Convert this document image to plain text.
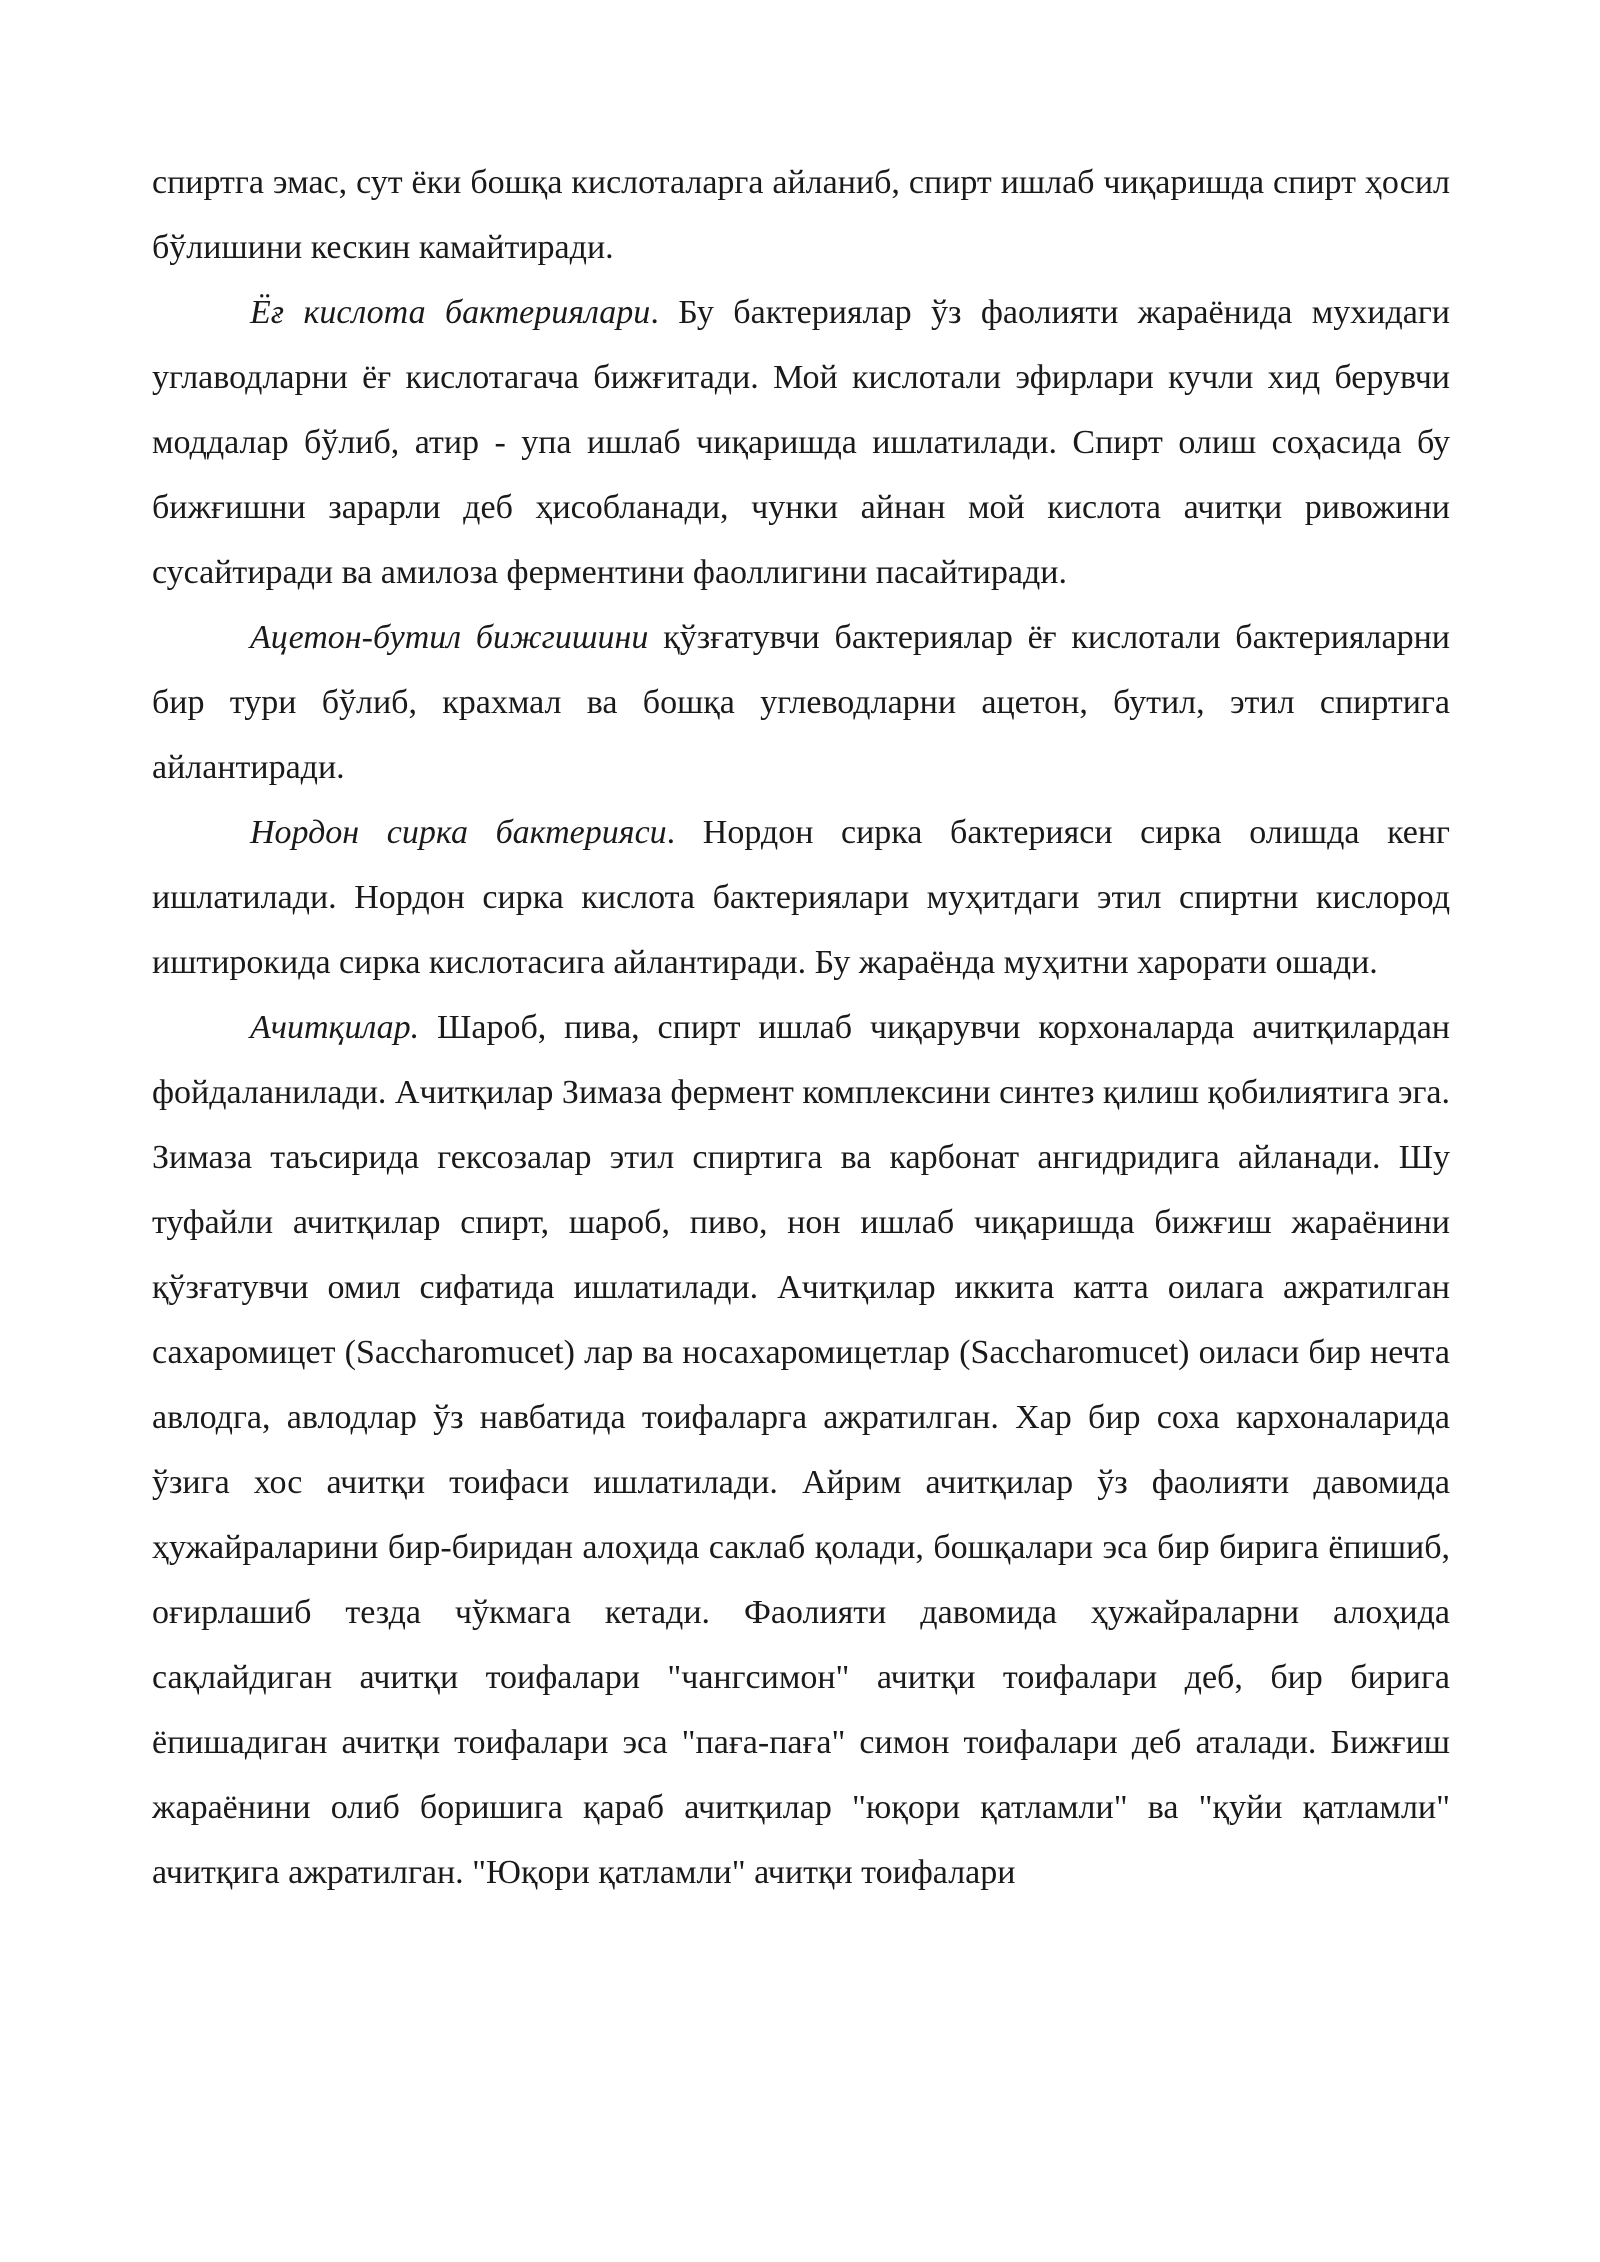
спиртга эмас, сут ёки бошқа кислоталарга айланиб, спирт ишлаб чиқаришда спирт ҳосил бўлишини кескин камайтиради.

Ёғ кислота бактериялари. Бу бактериялар ўз фаолияти жараёнида мухидаги углаводларни ёғ кислотагача бижғитади. Мой кислотали эфирлари кучли хид берувчи моддалар бўлиб, атир - упа ишлаб чиқаришда ишлатилади. Спирт олиш соҳасида бу бижғишни зарарли деб ҳисобланади, чунки айнан мой кислота ачитқи ривожини сусайтиради ва амилоза ферментини фаоллигини пасайтиради.

Ацетон-бутил бижгишини қўзғатувчи бактериялар ёғ кислотали бактерияларни бир тури бўлиб, крахмал ва бошқа углеводларни ацетон, бутил, этил спиртига айлантиради.

Нордон сирка бактерияси. Нордон сирка бактерияси сирка олишда кенг ишлатилади. Нордон сирка кислота бактериялари муҳитдаги этил спиртни кислород иштирокида сирка кислотасига айлантиради. Бу жараёнда муҳитни харорати ошади.

Ачитқилар. Шароб, пива, спирт ишлаб чиқарувчи корхоналарда ачитқилардан фойдаланилади. Ачитқилар Зимаза фермент комплексини синтез қилиш қобилиятига эга. Зимаза таъсирида гексозалар этил спиртига ва карбонат ангидридига айланади. Шу туфайли ачитқилар спирт, шароб, пиво, нон ишлаб чиқаришда бижғиш жараёнини қўзғатувчи омил сифатида ишлатилади. Ачитқилар иккита катта оилага ажратилган сахаромицет (Saccharomucet) лар ва носахаромицетлар (Saccharomucet) оиласи бир нечта авлодга, авлодлар ўз навбатида тоифаларга ажратилган. Хар бир соха кархоналарида ўзига хос ачитқи тоифаси ишлатилади. Айрим ачитқилар ўз фаолияти давомида ҳужайраларини бир-биридан алоҳида саклаб қолади, бошқалари эса бир бирига ёпишиб, оғирлашиб тезда чўкмага кетади. Фаолияти давомида ҳужайраларни алоҳида сақлайдиган ачитқи тоифалари "чангсимон" ачитқи тоифалари деб, бир бирига ёпишадиган ачитқи тоифалари эса "пағa-пағa" симон тоифалари деб аталади. Бижғиш жараёнини олиб боришига қараб ачитқилар "юқори қатламли" ва "қуйи қатламли" ачитқига ажратилган. "Юқори қатламли" ачитқи тоифалари
